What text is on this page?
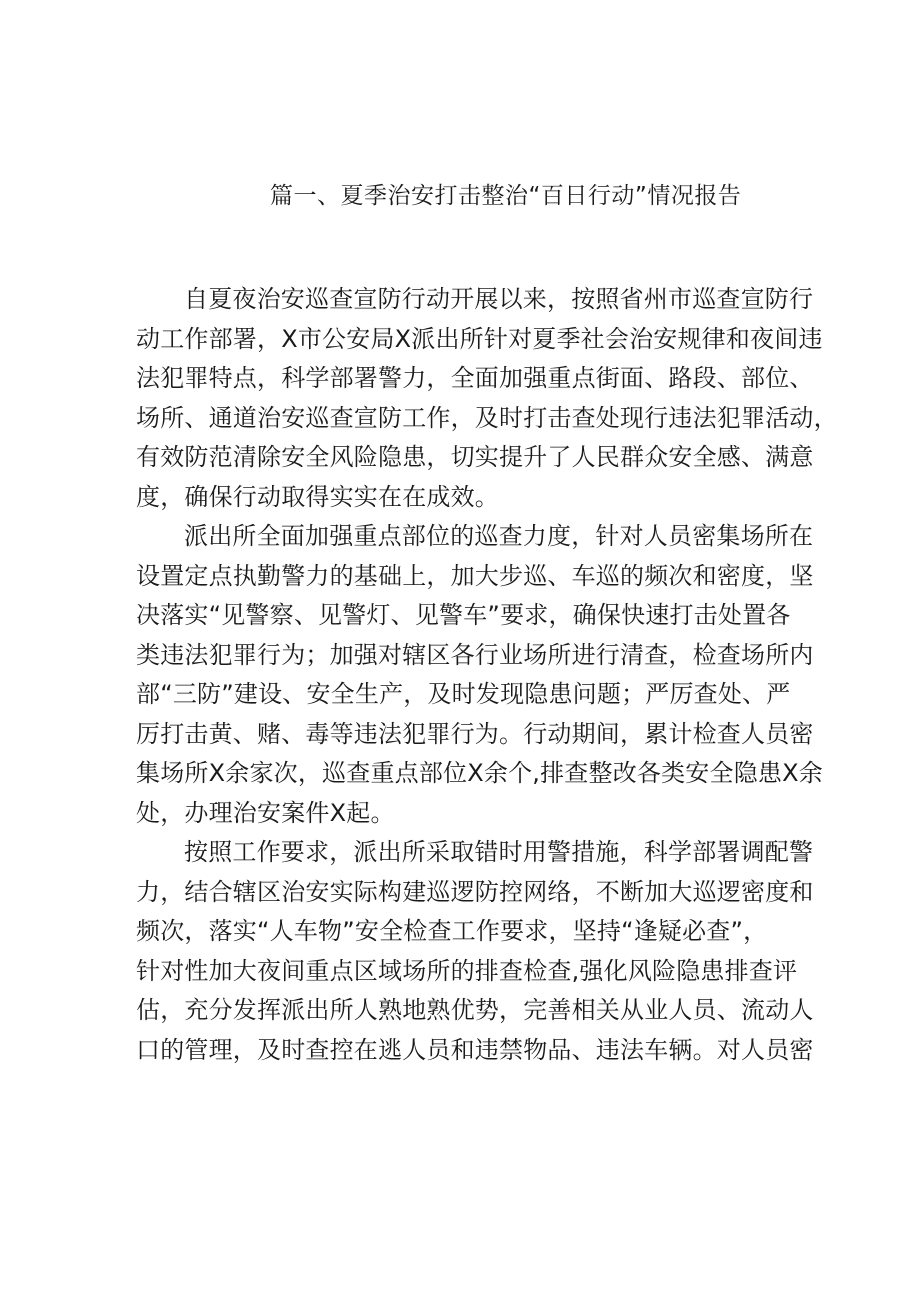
篇一、夏季治安打击整治“百日行动”情况报告
自夏夜治安巡查宣防行动开展以来，按照省州市巡查宣防行
动工作部署，X市公安局X派出所针对夏季社会治安规律和夜间违
法犯罪特点，科学部署警力，全面加强重点街面、路段、部位、
场所、通道治安巡查宣防工作，及时打击查处现行违法犯罪活动，
有效防范清除安全风险隐患，切实提升了人民群众安全感、满意
度，确保行动取得实实在在成效。
派出所全面加强重点部位的巡查力度，针对人员密集场所在
设置定点执勤警力的基础上，加大步巡、车巡的频次和密度，坚
决落实“见警察、见警灯、见警车”要求，确保快速打击处置各
类违法犯罪行为；加强对辖区各行业场所进行清查，检查场所内
部“三防”建设、安全生产，及时发现隐患问题；严厉查处、严
厉打击黄、赌、毒等违法犯罪行为。行动期间，累计检查人员密
集场所X余家次，巡查重点部位X余个,排查整改各类安全隐患X余
处，办理治安案件X起。
按照工作要求，派出所采取错时用警措施，科学部署调配警
力，结合辖区治安实际构建巡逻防控网络，不断加大巡逻密度和
频次，落实“人车物”安全检查工作要求，坚持“逢疑必查”，
针对性加大夜间重点区域场所的排查检查,强化风险隐患排查评
估，充分发挥派出所人熟地熟优势，完善相关从业人员、流动人
口的管理，及时查控在逃人员和违禁物品、违法车辆。对人员密
